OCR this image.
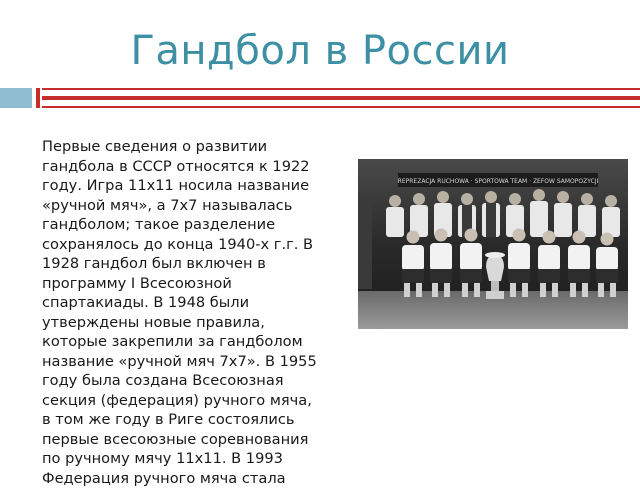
Гандбол в России
Первые сведения о развитии
гандбола в СССР относятся к 1922
году. Игра 11х11 носила название
«ручной мяч», а 7х7 называлась
гандболом; такое разделение
сохранялось до конца 1940-х г.г. В
1928 гандбол был включен в
программу I Всесоюзной
спартакиады. В 1948 были
утверждены новые правила,
которые закрепили за гандболом
название «ручной мяч 7х7». В 1955
году была создана Всесоюзная
секция (федерация) ручного мяча,
в том же году в Риге состоялись
первые всесоюзные соревнования
по ручному мячу 11х11. В 1993
Федерация ручного мяча стала
REPREZACJA RUCHOWA · SPORTOWA TEAM · ZEFOW SAMOPOZYCJI
